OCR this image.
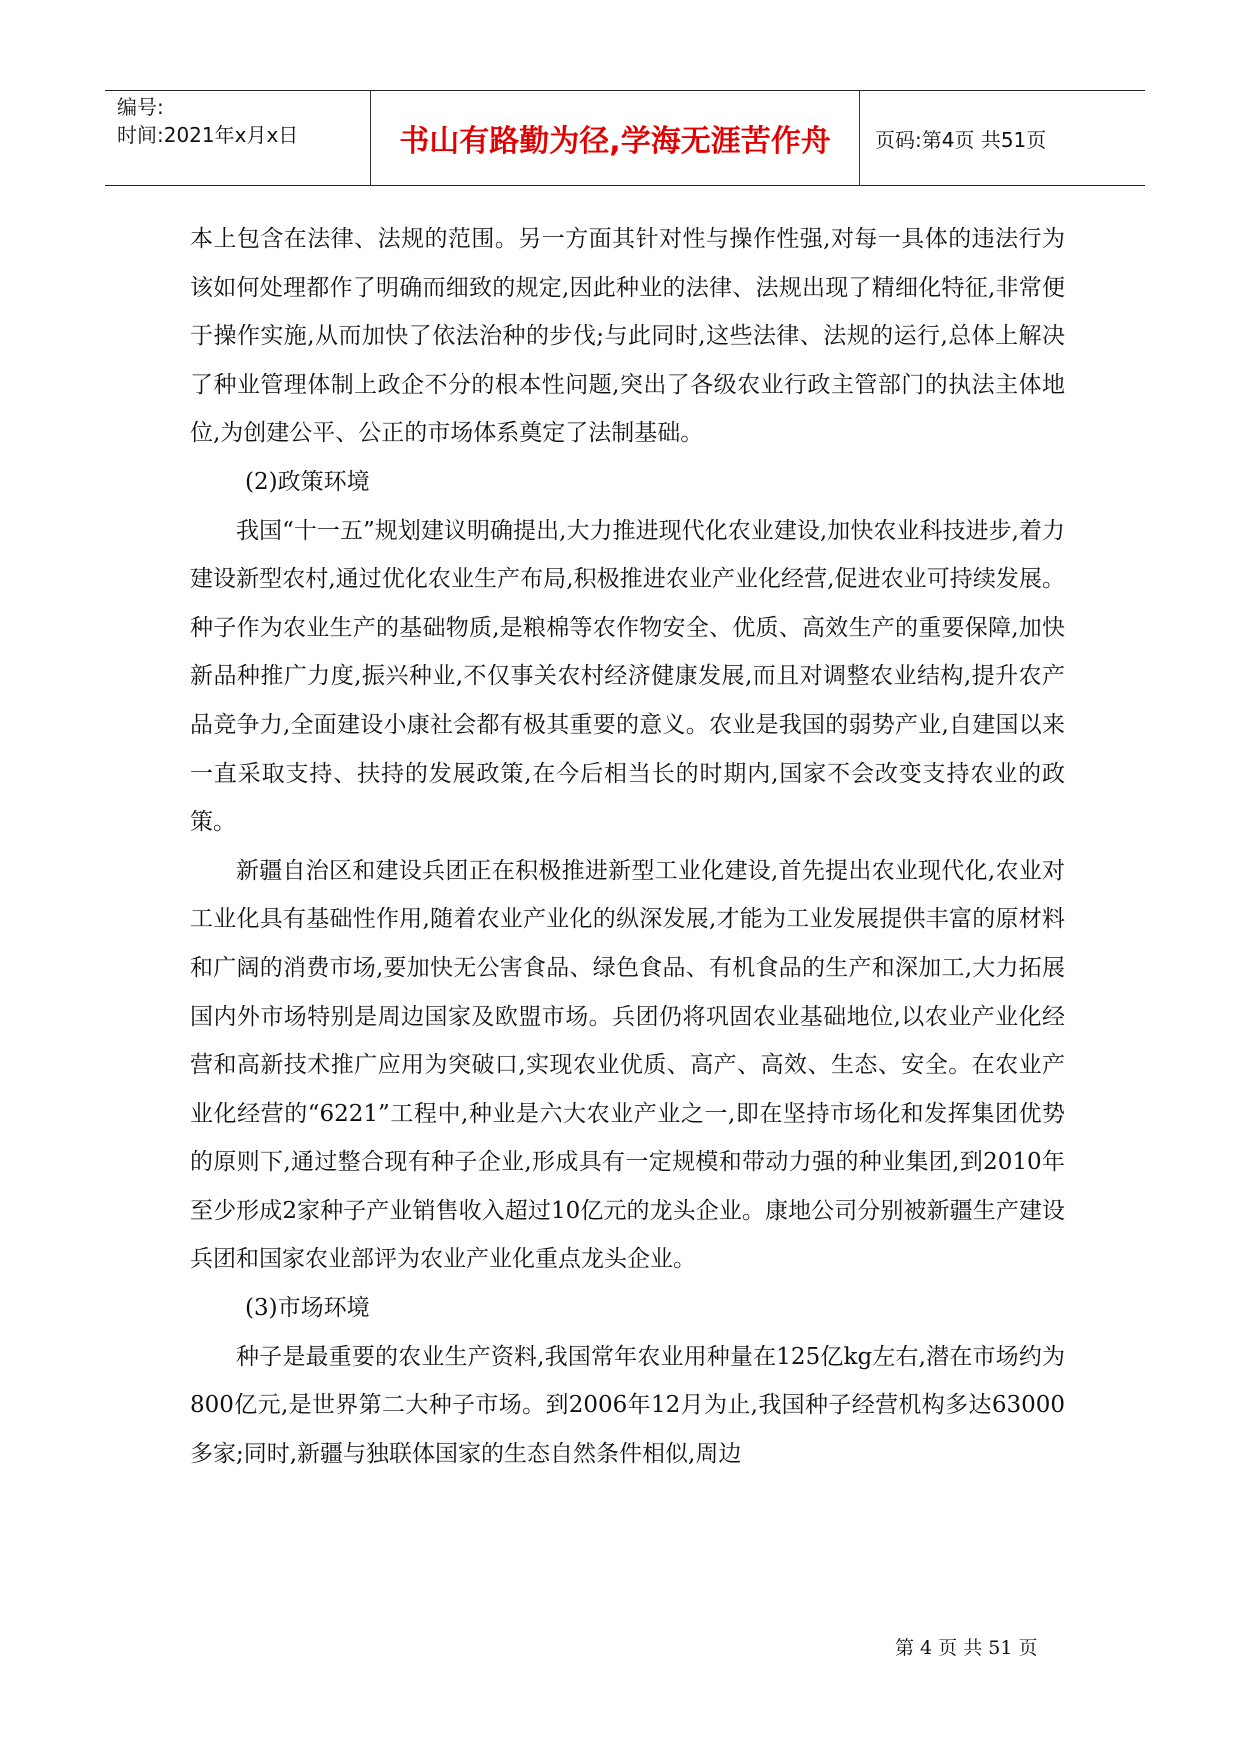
编号:
时间:2021年x月x日	书山有路勤为径,学海无涯苦作舟	页码:第4页 共51页

本上包含在法律、法规的范围。另一方面其针对性与操作性强,对每一具体的违法行为该如何处理都作了明确而细致的规定,因此种业的法律、法规出现了精细化特征,非常便于操作实施,从而加快了依法治种的步伐;与此同时,这些法律、法规的运行,总体上解决了种业管理体制上政企不分的根本性问题,突出了各级农业行政主管部门的执法主体地位,为创建公平、公正的市场体系奠定了法制基础。

(2)政策环境

我国“十一五”规划建议明确提出,大力推进现代化农业建设,加快农业科技进步,着力建设新型农村,通过优化农业生产布局,积极推进农业产业化经营,促进农业可持续发展。种子作为农业生产的基础物质,是粮棉等农作物安全、优质、高效生产的重要保障,加快新品种推广力度,振兴种业,不仅事关农村经济健康发展,而且对调整农业结构,提升农产品竞争力,全面建设小康社会都有极其重要的意义。农业是我国的弱势产业,自建国以来一直采取支持、扶持的发展政策,在今后相当长的时期内,国家不会改变支持农业的政策。

新疆自治区和建设兵团正在积极推进新型工业化建设,首先提出农业现代化,农业对工业化具有基础性作用,随着农业产业化的纵深发展,才能为工业发展提供丰富的原材料和广阔的消费市场,要加快无公害食品、绿色食品、有机食品的生产和深加工,大力拓展国内外市场特别是周边国家及欧盟市场。兵团仍将巩固农业基础地位,以农业产业化经营和高新技术推广应用为突破口,实现农业优质、高产、高效、生态、安全。在农业产业化经营的“6221”工程中,种业是六大农业产业之一,即在坚持市场化和发挥集团优势的原则下,通过整合现有种子企业,形成具有一定规模和带动力强的种业集团,到2010年至少形成2家种子产业销售收入超过10亿元的龙头企业。康地公司分别被新疆生产建设兵团和国家农业部评为农业产业化重点龙头企业。

(3)市场环境

种子是最重要的农业生产资料,我国常年农业用种量在125亿kg左右,潜在市场约为800亿元,是世界第二大种子市场。到2006年12月为止,我国种子经营机构多达63000多家;同时,新疆与独联体国家的生态自然条件相似,周边

第 4 页 共 51 页
